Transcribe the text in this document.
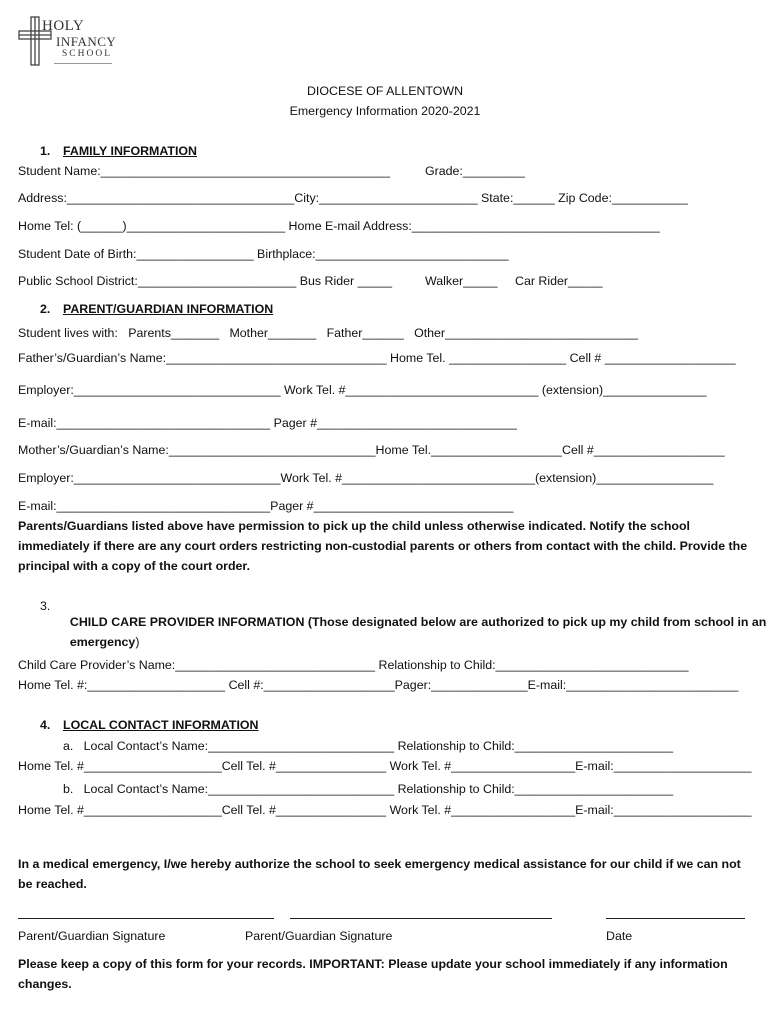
HOLY
INFANCY
SCHOOL
DIOCESE OF ALLENTOWN
Emergency Information 2020-2021
1. FAMILY INFORMATION
Student Name:__________________________________________	Grade:_________
Address:_________________________________City:_______________________ State:______ Zip Code:___________
Home Tel: (______)_______________________ Home E-mail Address:____________________________________
Student Date of Birth:_________________ Birthplace:____________________________
Public School District:_______________________ Bus Rider _____	Walker_____ Car Rider_____
2. PARENT/GUARDIAN INFORMATION
Student lives with:   Parents_______   Mother_______   Father______   Other____________________________
Father’s/Guardian’s Name:________________________________ Home Tel. _________________ Cell # ___________________
Employer:______________________________ Work Tel. #____________________________ (extension)_______________
E-mail:_______________________________ Pager #_____________________________
Mother’s/Guardian’s Name:______________________________Home Tel.___________________Cell #___________________
Employer:______________________________Work Tel. #____________________________(extension)_________________
E-mail:_______________________________Pager #_____________________________
Parents/Guardians listed above have permission to pick up the child unless otherwise indicated. Notify the school immediately if there are any court orders restricting non-custodial parents or others from contact with the child. Provide the principal with a copy of the court order.
3.

CHILD CARE PROVIDER INFORMATION (Those designated below are authorized to pick up my child from school in an

emergency)

Child Care Provider’s Name:_____________________________ Relationship to Child:____________________________
Home Tel. #:____________________ Cell #:___________________Pager:______________E-mail:_________________________
4. LOCAL CONTACT INFORMATION
a.   Local Contact’s Name:___________________________ Relationship to Child:_______________________
Home Tel. #____________________Cell Tel. #________________ Work Tel. #__________________E-mail:____________________
b.   Local Contact’s Name:___________________________ Relationship to Child:_______________________
Home Tel. #____________________Cell Tel. #________________ Work Tel. #__________________E-mail:____________________
In a medical emergency, I/we hereby authorize the school to seek emergency medical assistance for our child if we can not be reached.
Parent/Guardian Signature	Parent/Guardian Signature	Date
Please keep a copy of this form for your records. IMPORTANT: Please update your school immediately if any information changes.
